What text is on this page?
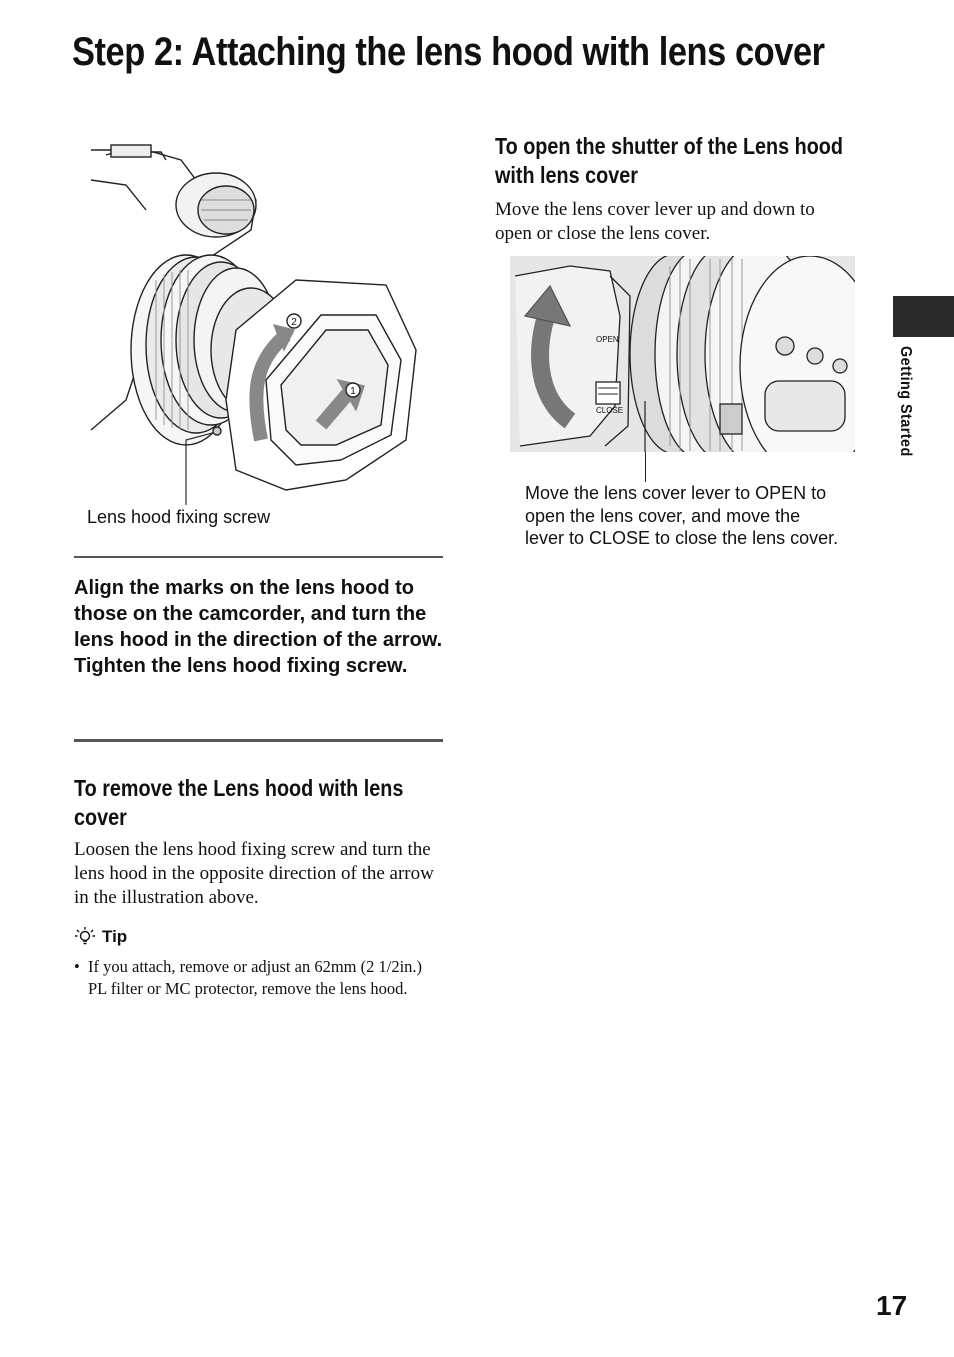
Step 2: Attaching the lens hood with lens cover
Getting Started
2
1
Lens hood fixing screw
Align the marks on the lens hood to those on the camcorder, and turn the lens hood in the direction of the arrow. Tighten the lens hood fixing screw.
To remove the Lens hood with lens cover
Loosen the lens hood fixing screw and turn the lens hood in the opposite direction of the arrow in the illustration above.
Tip
• If you attach, remove or adjust an 62mm (2 1/2in.) PL filter or MC protector, remove the lens hood.
To open the shutter of the Lens hood with lens cover
Move the lens cover lever up and down to open or close the lens cover.
OPEN
CLOSE
Move the lens cover lever to OPEN to open the lens cover, and move the lever to CLOSE to close the lens cover.
17
